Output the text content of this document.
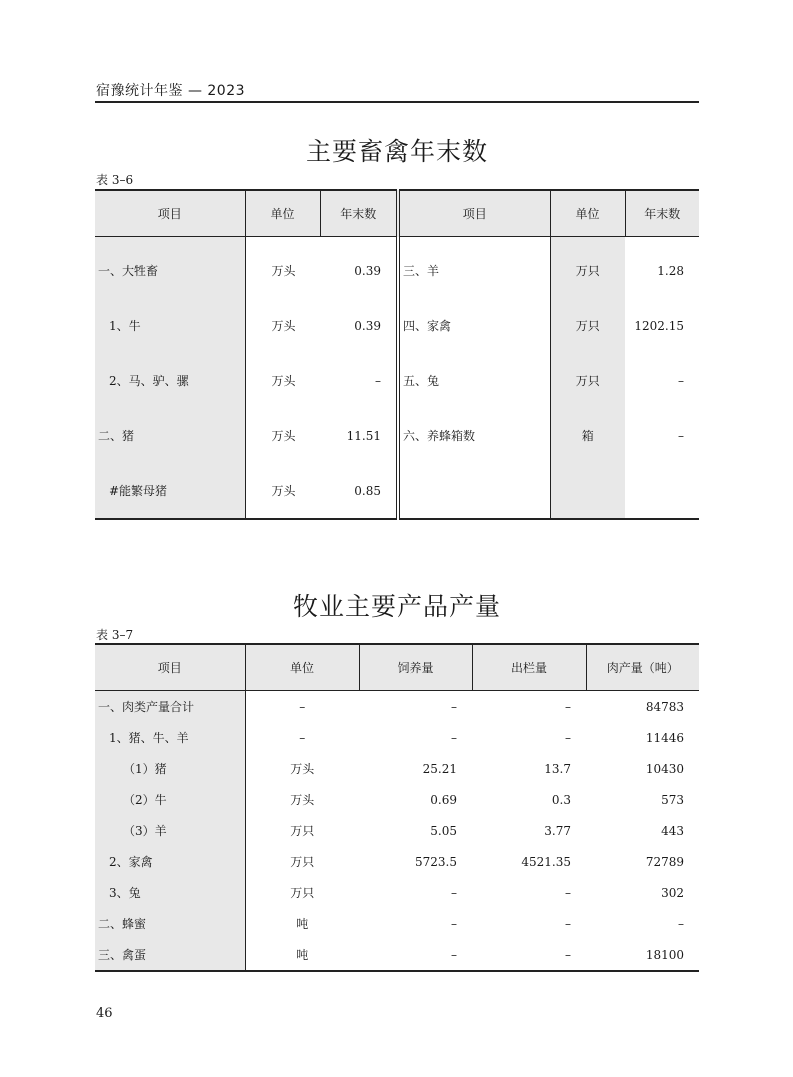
宿豫统计年鉴 — 2023
主要畜禽年末数
表 3–6
项目	单位	年末数	项目	单位	年末数
一、大牲畜	万头	0.39	三、羊	万只	1.28
1、牛	万头	0.39	四、家禽	万只	1202.15
2、马、驴、骡	万头	–	五、兔	万只	–
二、猪	万头	11.51	六、养蜂箱数	箱	–
#能繁母猪	万头	0.85			
牧业主要产品产量
表 3–7
项目	单位	饲养量	出栏量	肉产量（吨）
一、肉类产量合计	–	–	–	84783
1、猪、牛、羊	–	–	–	11446
（1）猪	万头	25.21	13.7	10430
（2）牛	万头	0.69	0.3	573
（3）羊	万只	5.05	3.77	443
2、家禽	万只	5723.5	4521.35	72789
3、兔	万只	–	–	302
二、蜂蜜	吨	–	–	–
三、禽蛋	吨	–	–	18100
46
